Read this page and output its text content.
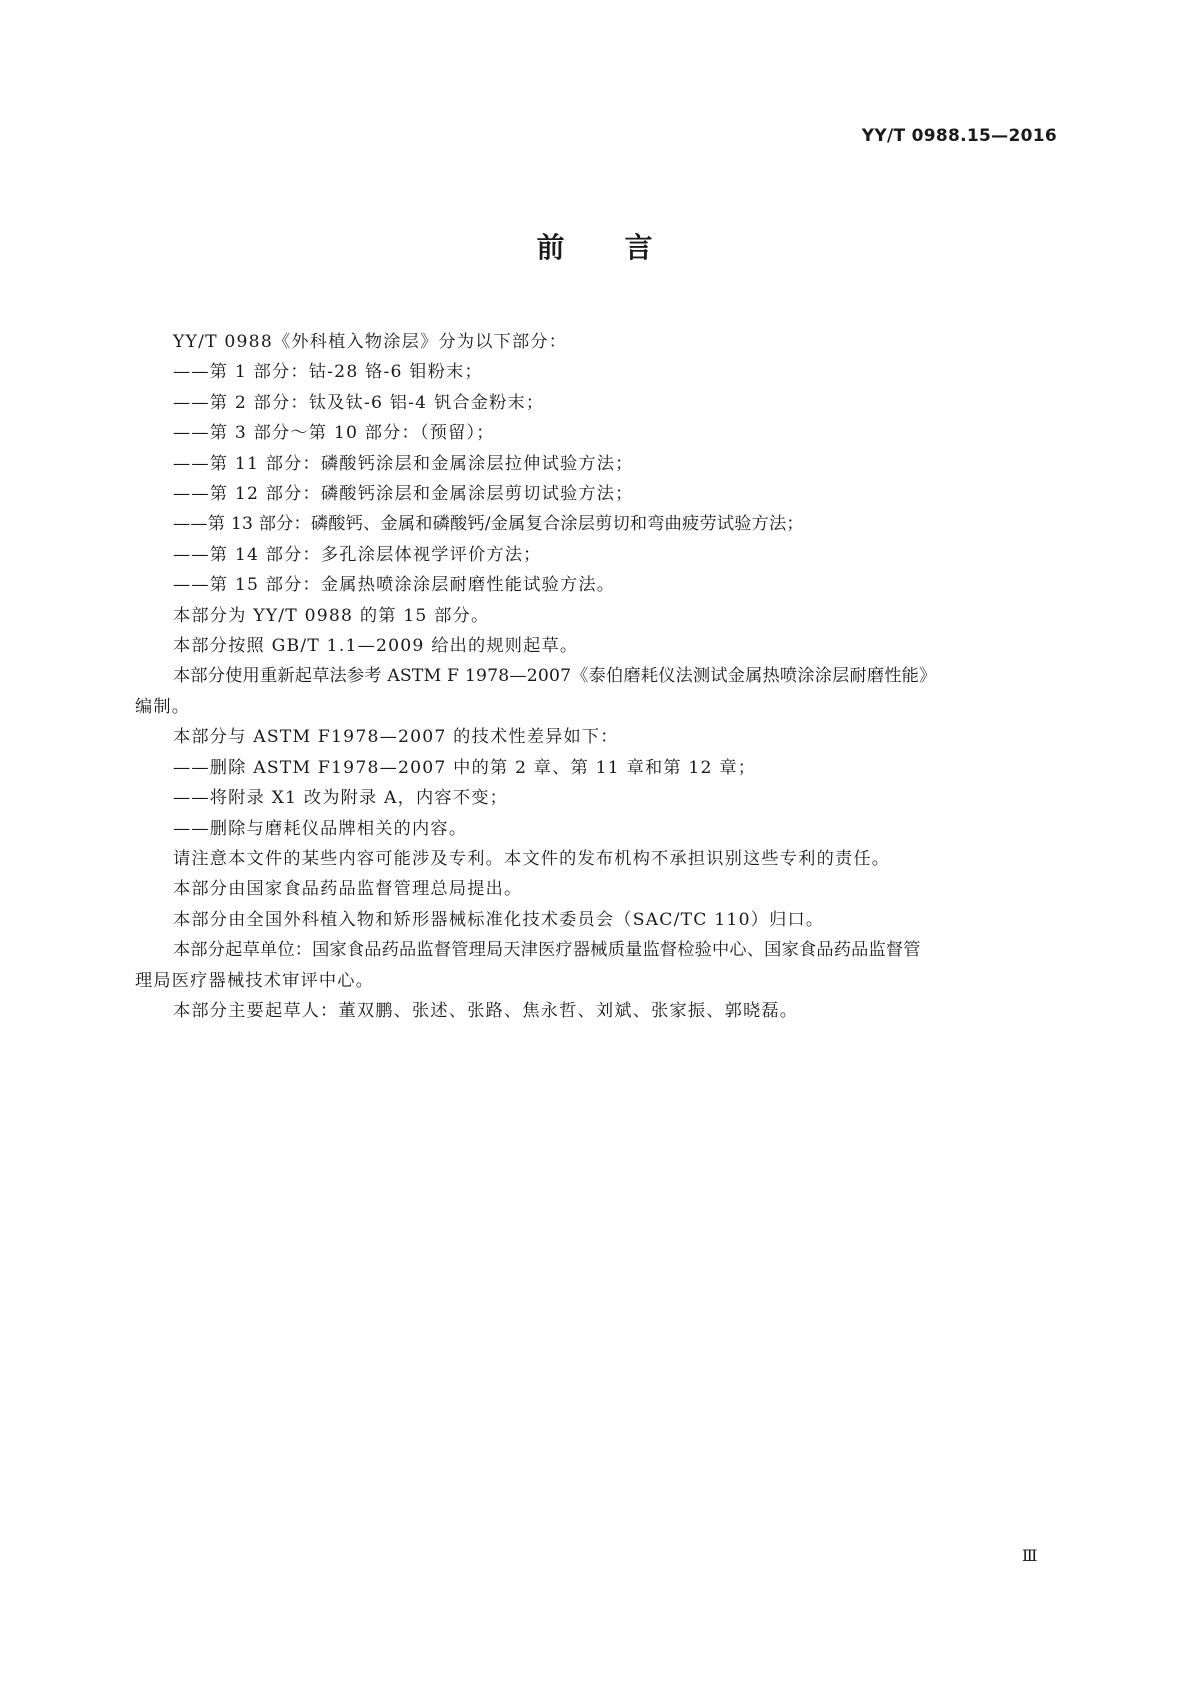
YY/T 0988.15—2016
前 言
YY/T 0988《外科植入物涂层》分为以下部分：
——第 1 部分：钴-28 铬-6 钼粉末；
——第 2 部分：钛及钛-6 铝-4 钒合金粉末；
——第 3 部分～第 10 部分：（预留）；
——第 11 部分：磷酸钙涂层和金属涂层拉伸试验方法；
——第 12 部分：磷酸钙涂层和金属涂层剪切试验方法；
——第 13 部分：磷酸钙、金属和磷酸钙/金属复合涂层剪切和弯曲疲劳试验方法；
——第 14 部分：多孔涂层体视学评价方法；
——第 15 部分：金属热喷涂涂层耐磨性能试验方法。
本部分为 YY/T 0988 的第 15 部分。
本部分按照 GB/T 1.1—2009 给出的规则起草。
本部分使用重新起草法参考 ASTM F 1978—2007《泰伯磨耗仪法测试金属热喷涂涂层耐磨性能》
编制。
本部分与 ASTM F1978—2007 的技术性差异如下：
——删除 ASTM F1978—2007 中的第 2 章、第 11 章和第 12 章；
——将附录 X1 改为附录 A，内容不变；
——删除与磨耗仪品牌相关的内容。
请注意本文件的某些内容可能涉及专利。本文件的发布机构不承担识别这些专利的责任。
本部分由国家食品药品监督管理总局提出。
本部分由全国外科植入物和矫形器械标准化技术委员会（SAC/TC 110）归口。
本部分起草单位：国家食品药品监督管理局天津医疗器械质量监督检验中心、国家食品药品监督管
理局医疗器械技术审评中心。
本部分主要起草人：董双鹏、张述、张路、焦永哲、刘斌、张家振、郭晓磊。
Ⅲ
